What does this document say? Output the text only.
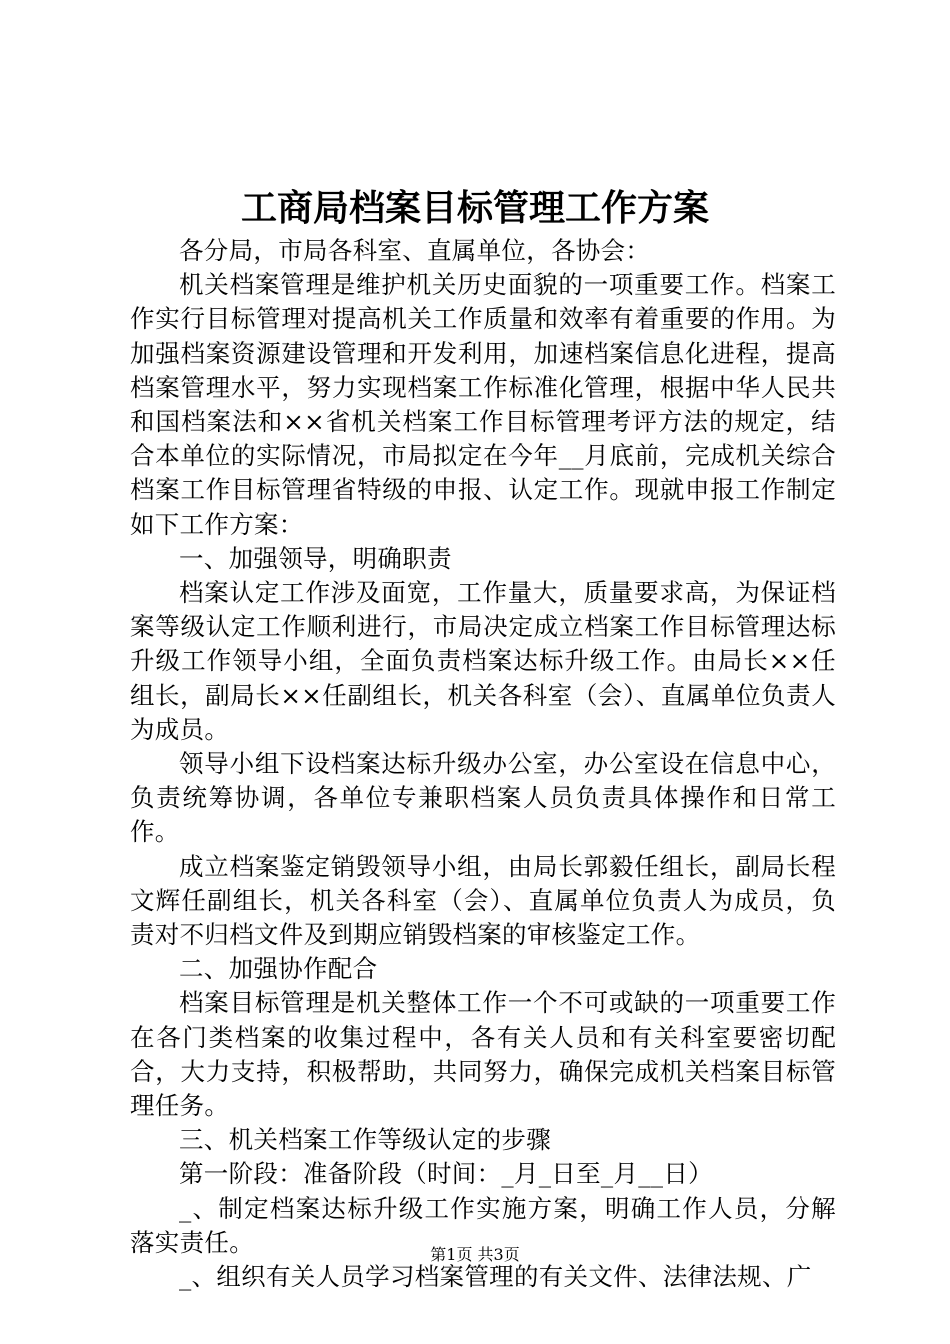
工商局档案目标管理工作方案

各分局，市局各科室、直属单位，各协会：

机关档案管理是维护机关历史面貌的一项重要工作。档案工作实行目标管理对提高机关工作质量和效率有着重要的作用。为加强档案资源建设管理和开发利用，加速档案信息化进程，提高档案管理水平，努力实现档案工作标准化管理，根据中华人民共和国档案法和××省机关档案工作目标管理考评方法的规定，结合本单位的实际情况，市局拟定在今年__月底前，完成机关综合档案工作目标管理省特级的申报、认定工作。现就申报工作制定如下工作方案：

一、加强领导，明确职责

档案认定工作涉及面宽，工作量大，质量要求高，为保证档案等级认定工作顺利进行，市局决定成立档案工作目标管理达标升级工作领导小组，全面负责档案达标升级工作。由局长××任组长，副局长××任副组长，机关各科室（会）、直属单位负责人为成员。

领导小组下设档案达标升级办公室，办公室设在信息中心，负责统筹协调，各单位专兼职档案人员负责具体操作和日常工作。

成立档案鉴定销毁领导小组，由局长郭毅任组长，副局长程文辉任副组长，机关各科室（会）、直属单位负责人为成员，负责对不归档文件及到期应销毁档案的审核鉴定工作。

二、加强协作配合

档案目标管理是机关整体工作一个不可或缺的一项重要工作在各门类档案的收集过程中，各有关人员和有关科室要密切配合，大力支持，积极帮助，共同努力，确保完成机关档案目标管理任务。

三、机关档案工作等级认定的步骤

第一阶段：准备阶段（时间：_月_日至_月__日）

_、制定档案达标升级工作实施方案，明确工作人员，分解落实责任。

_、组织有关人员学习档案管理的有关文件、法律法规、广

第1页 共3页
